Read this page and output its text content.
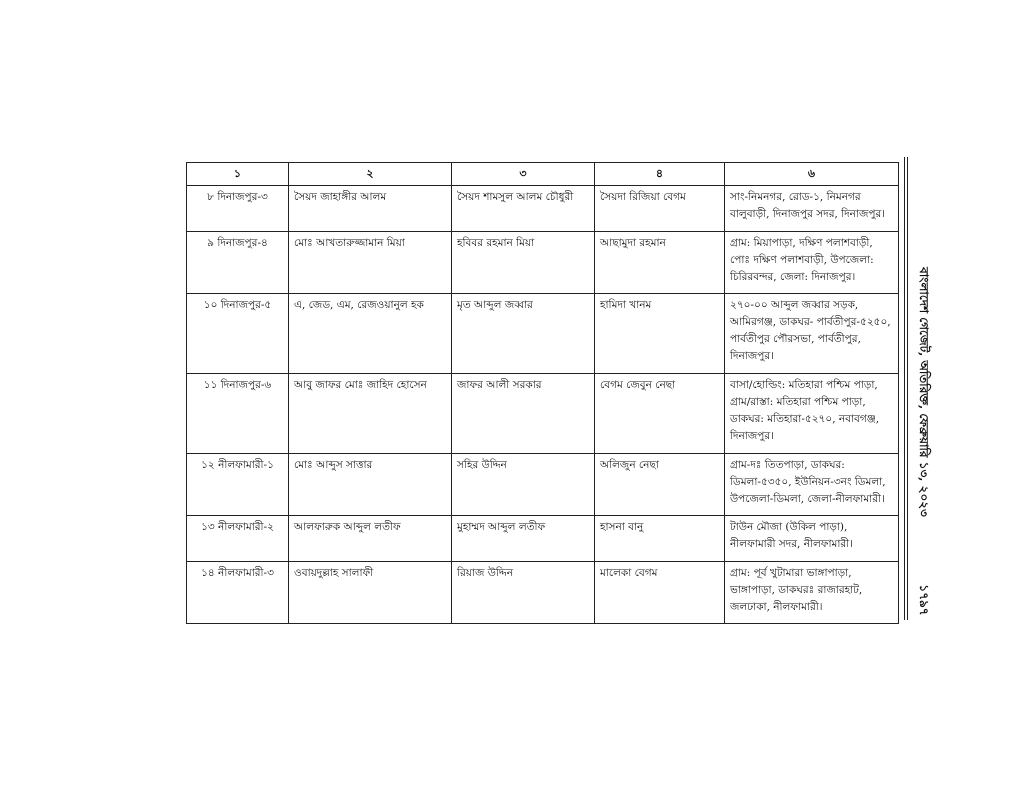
১	২	৩	৪	৬
৮ দিনাজপুর-৩	সৈয়দ জাহাঙ্গীর আলম	সৈয়দ শামসুল আলম চৌধুরী	সৈয়দা রিজিয়া বেগম	সাং-নিমনগর, রোড-১, নিমনগর বালুবাড়ী, দিনাজপুর সদর, দিনাজপুর।
৯ দিনাজপুর-৪	মোঃ আখতারুজ্জামান মিয়া	হবিবর রহমান মিয়া	আছামুদা রহমান	গ্রাম: মিয়াপাড়া, দক্ষিণ পলাশবাড়ী, পোঃ দক্ষিণ পলাশবাড়ী, উপজেলা: চিরিরবন্দর, জেলা: দিনাজপুর।
১০ দিনাজপুর-৫	এ, জেড, এম, রেজওয়ানুল হক	মৃত আব্দুল জব্বার	হামিদা খানম	২৭০-০০ আব্দুল জব্বার সড়ক, আমিরগঞ্জ, ডাকঘর- পার্বতীপুর-৫২৫০, পার্বতীপুর পৌরসভা, পার্বতীপুর, দিনাজপুর।
১১ দিনাজপুর-৬	আবু জাফর মোঃ জাহিদ হোসেন	জাফর আলী সরকার	বেগম জেবুন নেছা	বাসা/হোল্ডিং: মতিহারা পশ্চিম পাড়া, গ্রাম/রাস্তা: মতিহারা পশ্চিম পাড়া, ডাকঘর: মতিহারা-৫২৭০, নবাবগঞ্জ, দিনাজপুর।
১২ নীলফামারী-১	মোঃ আব্দুস সাত্তার	সহির উদ্দিন	অলিজুন নেছা	গ্রাম-দঃ তিতপাড়া, ডাকঘর: ডিমলা-৫৩৫০, ইউনিয়ন-৩নং ডিমলা, উপজেলা-ডিমলা, জেলা-নীলফামারী।
১৩ নীলফামারী-২	আলফারুক আব্দুল লতীফ	মুহাম্মদ আব্দুল লতীফ	হাসনা বানু	টাউন মৌজা (উকিল পাড়া), নীলফামারী সদর, নীলফামারী।
১৪ নীলফামারী-৩	ওবায়দুল্লাহ সালাফী	রিয়াজ উদ্দিন	মালেকা বেগম	গ্রাম: পূর্ব খুটামারা ভাঙ্গাপাড়া, ভাঙ্গাপাড়া, ডাকঘরঃ রাজারহাট, জলঢাকা, নীলফামারী।
বাংলাদেশ গেজেট, অতিরিক্ত, ফেব্রুয়ারি ১৩, ২০২৩
১৭৯৭
